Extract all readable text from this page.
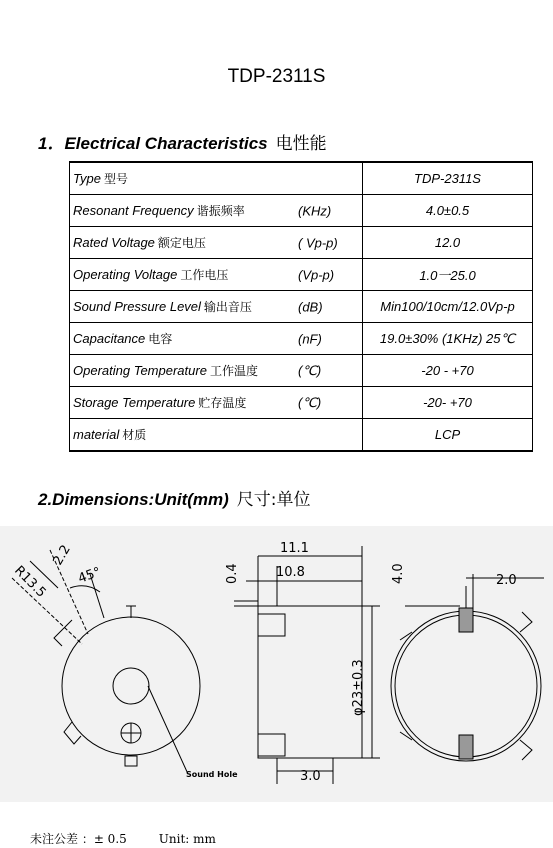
TDP-2311S
1．Electrical Characteristics 电性能
Type 型号	TDP-2311S
Resonant Frequency 谐振频率 (KHz)	4.0±0.5
Rated Voltage 额定电压 ( Vp-p)	12.0
Operating Voltage 工作电压 (Vp-p)	1.0一25.0
Sound Pressure Level 输出音压 (dB)	Min100/10cm/12.0Vp-p
Capacitance 电容 (nF)	19.0±30% (1KHz) 25℃
Operating Temperature 工作温度 (℃)	-20 - +70
Storage Temperature 贮存温度 (℃)	-20- +70
material 材质	LCP
2.Dimensions:Unit(mm) 尺寸:单位
R13.5
2.2
45°
Sound Hole
0.4
11.1
10.8
φ23±0.3
3.0
4.0	2.0
未注公差 ：± 0.5	Unit: mm
